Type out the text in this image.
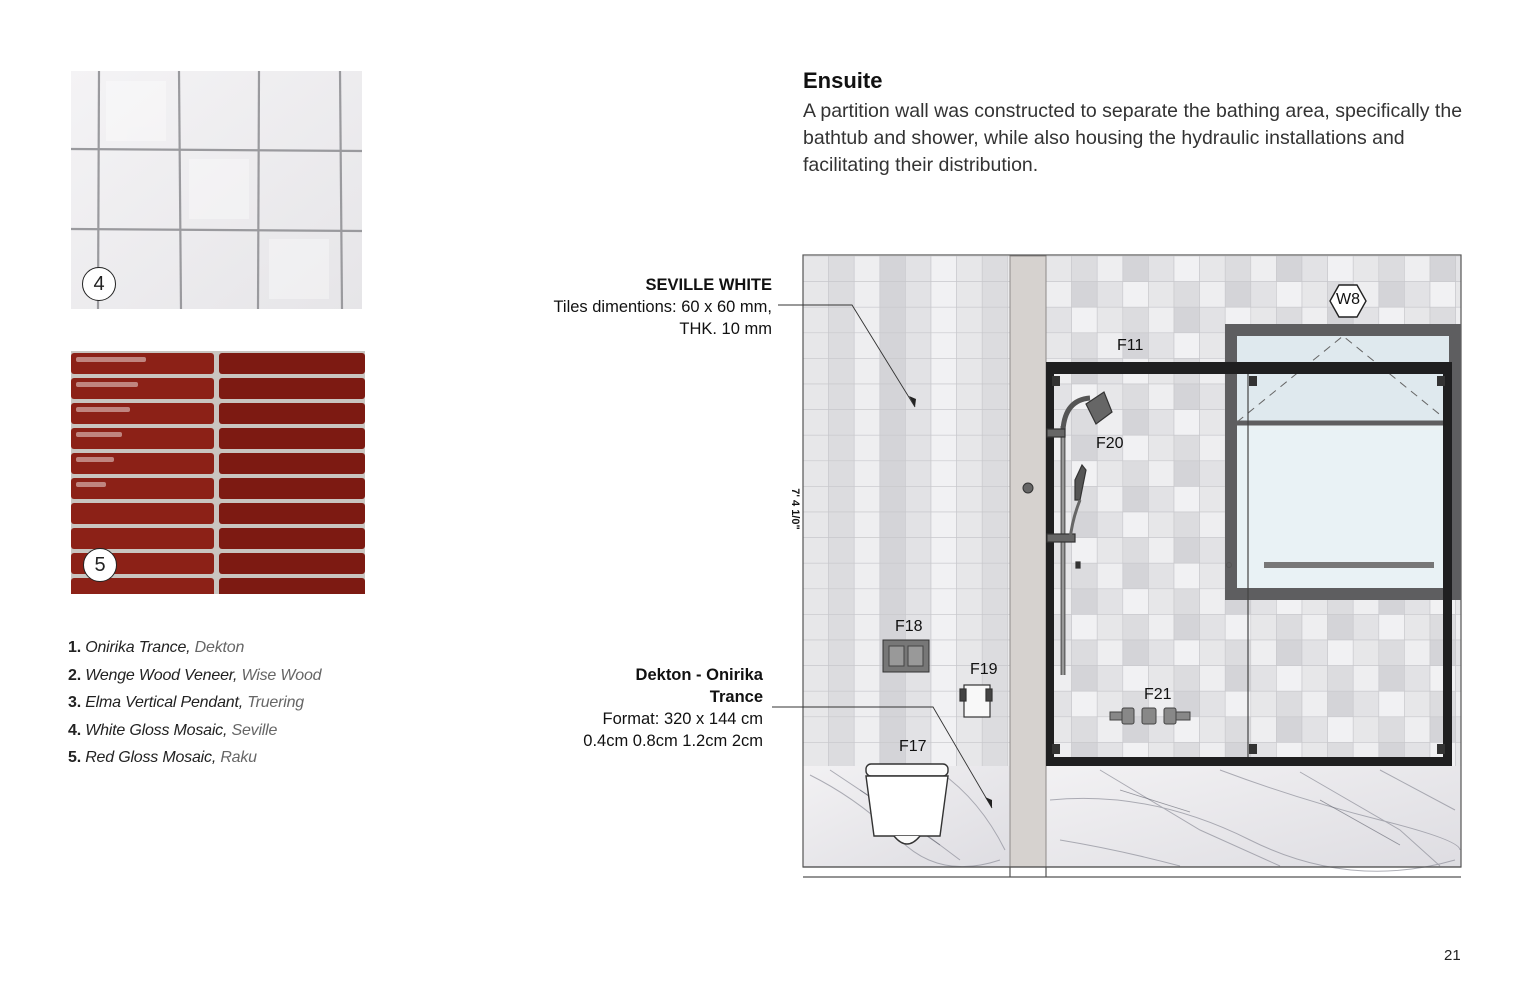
4
5
1. Onirika Trance, Dekton
2. Wenge Wood Veneer, Wise Wood
3. Elma Vertical Pendant, Truering
4. White Gloss Mosaic, Seville
5. Red Gloss Mosaic, Raku
Ensuite
A partition wall was constructed to separate the bathing area, specifically the bathtub and shower, while also housing the hydraulic installations and facilitating their distribution.
SEVILLE WHITE
Tiles dimentions: 60 x 60 mm,
THK. 10 mm
Dekton - Onirika
Trance
Format: 320 x 144 cm
0.4cm 0.8cm 1.2cm 2cm
W8
F11
F20
F21
F18
F19
F17
7' 4 1/0"
21
